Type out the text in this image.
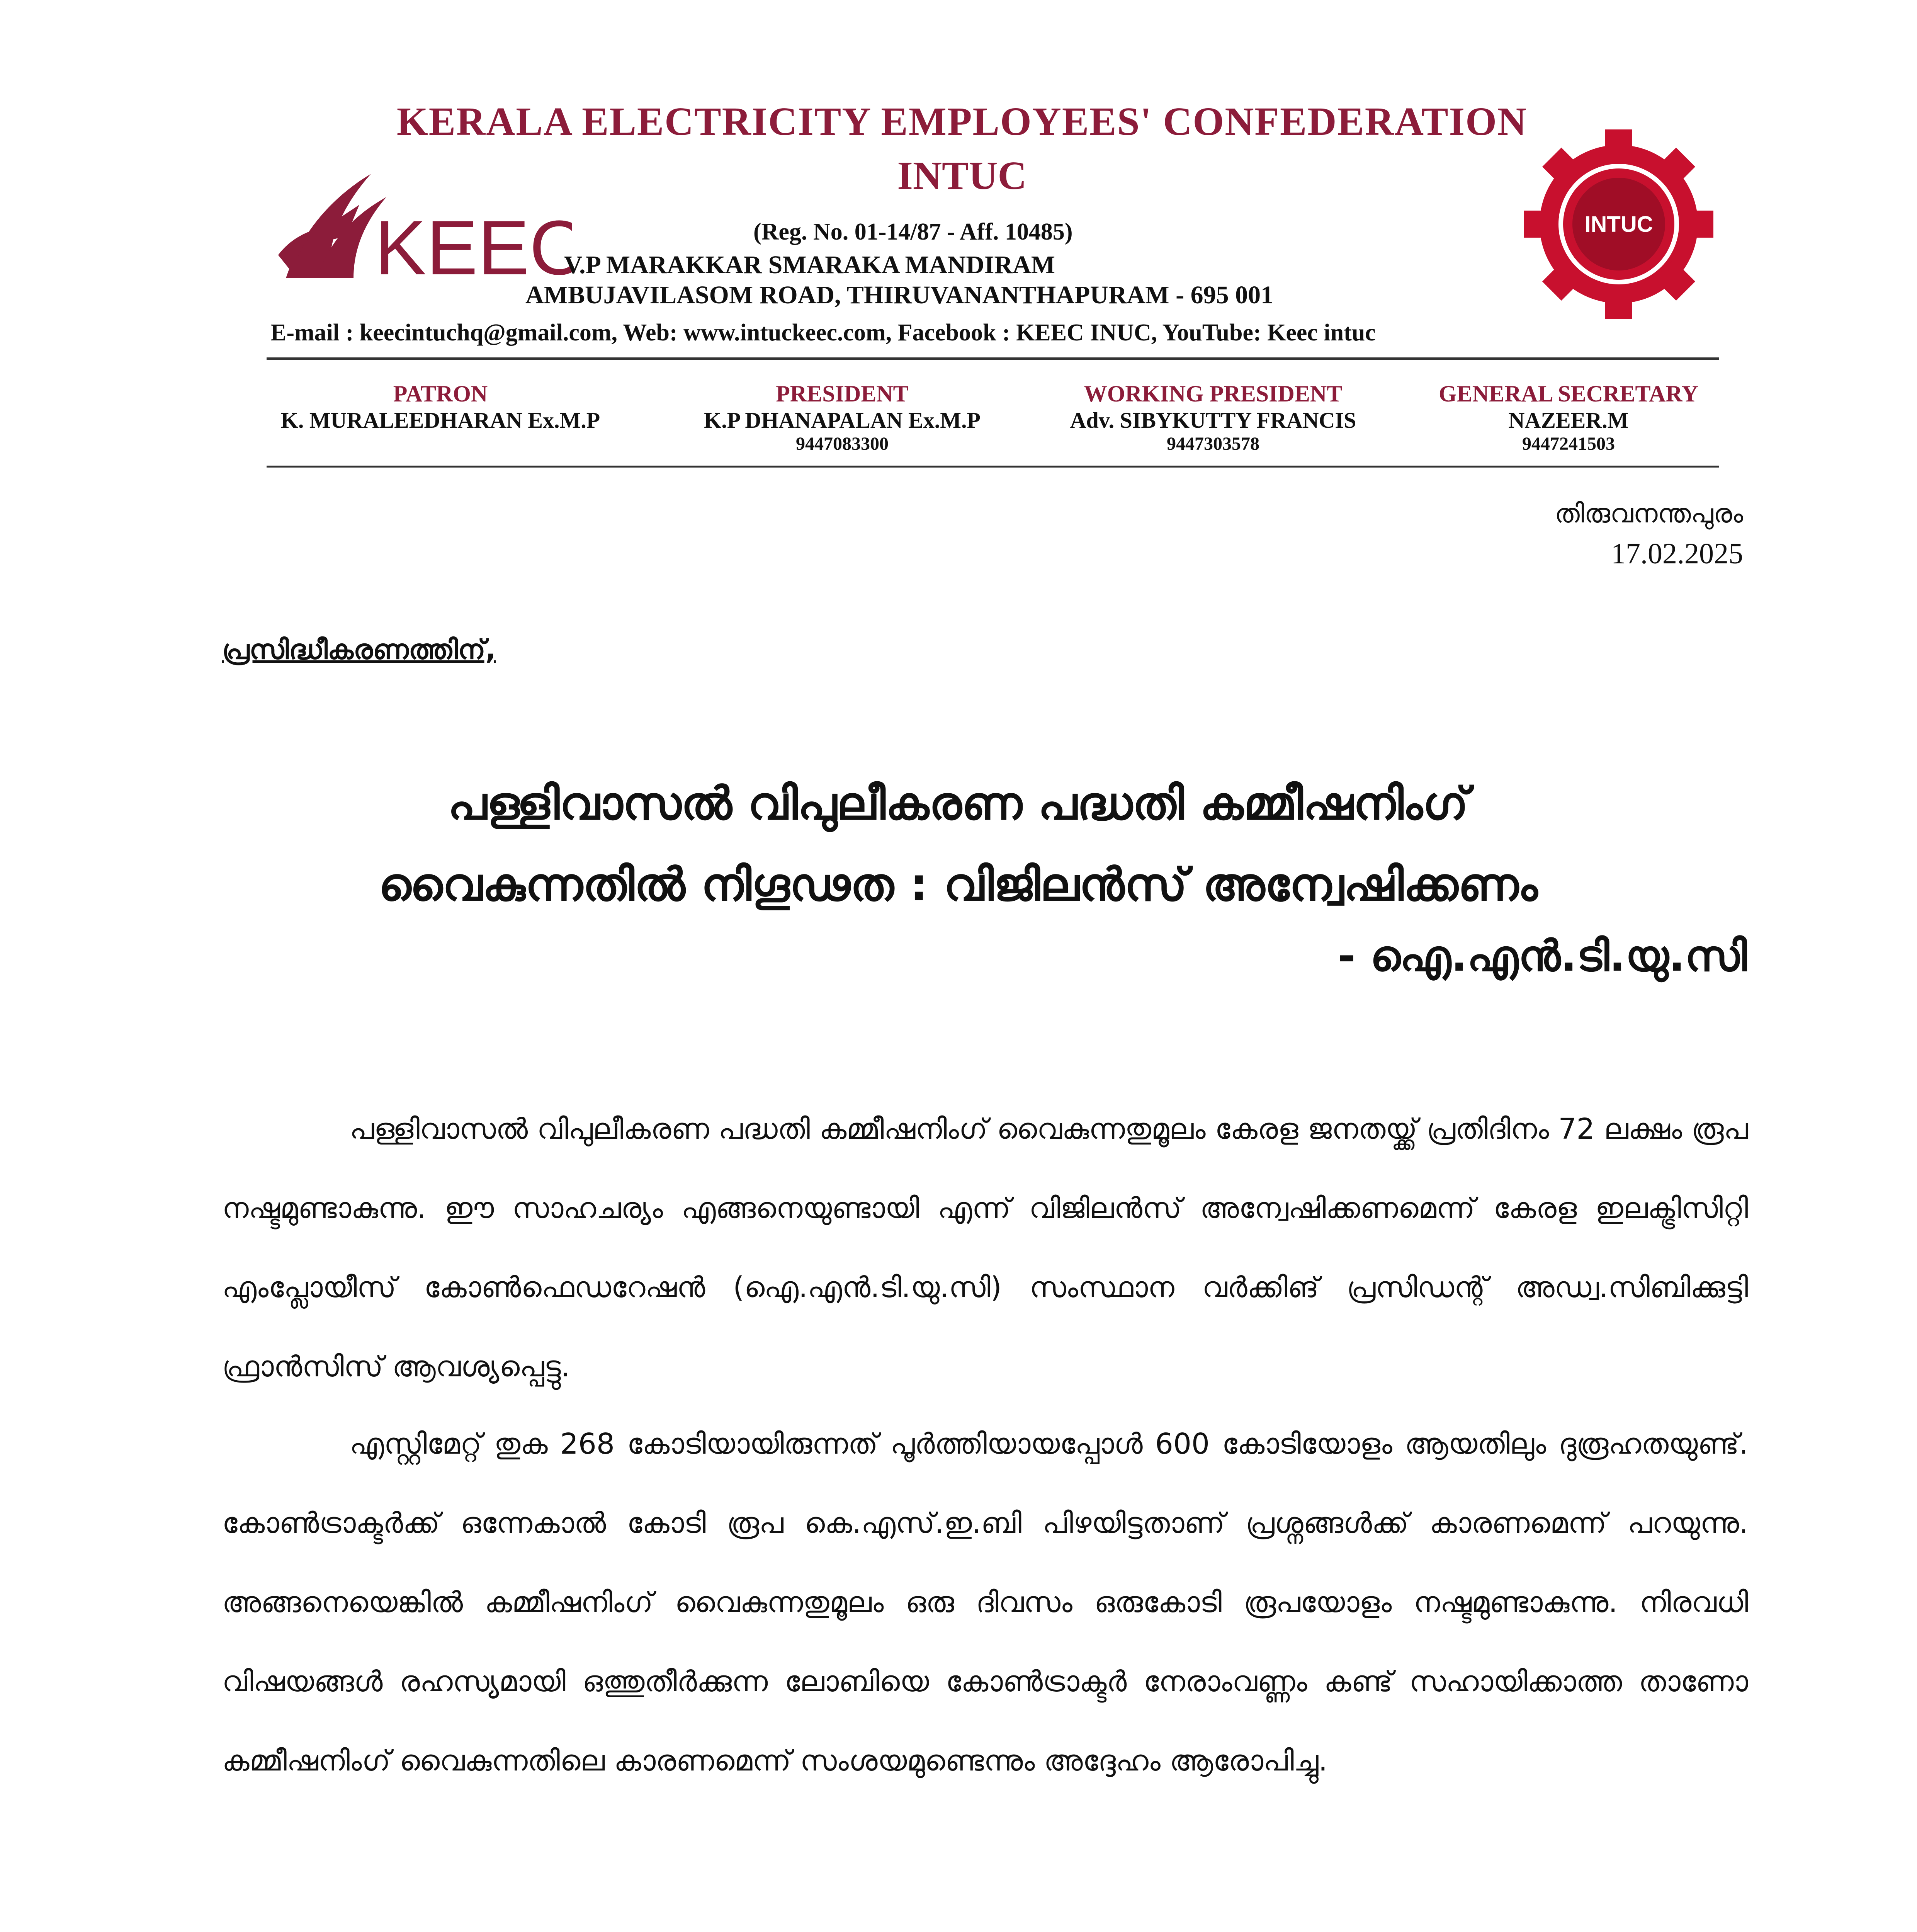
KERALA ELECTRICITY EMPLOYEES' CONFEDERATION
INTUC
KEEC	INTUC
(Reg. No. 01-14/87 - Aff. 10485)
V.P MARAKKAR SMARAKA MANDIRAM
AMBUJAVILASOM ROAD, THIRUVANANTHAPURAM - 695 001
E-mail : keecintuchq@gmail.com, Web: www.intuckeec.com, Facebook : KEEC INUC, YouTube: Keec intuc
PATRON
K. MURALEEDHARAN Ex.M.P
PRESIDENT
K.P DHANAPALAN Ex.M.P
9447083300
WORKING PRESIDENT
Adv. SIBYKUTTY FRANCIS
9447303578
GENERAL SECRETARY
NAZEER.M
9447241503
തിരുവനന്തപുരം
17.02.2025
പ്രസിദ്ധീകരണത്തിന്,
പള്ളിവാസൽ വിപുലീകരണ പദ്ധതി കമ്മീഷനിംഗ്
വൈകുന്നതിൽ നിഗൂഢത : വിജിലൻസ് അന്വേഷിക്കണം
- ഐ.എൻ.ടി.യു.സി
പള്ളിവാസൽ വിപുലീകരണ പദ്ധതി കമ്മീഷനിംഗ് വൈകുന്നതുമൂലം കേരള ജനതയ്ക്ക് പ്രതിദിനം 72 ലക്ഷം രൂപ നഷ്ടമുണ്ടാകുന്നു. ഈ സാഹചര്യം എങ്ങനെയുണ്ടായി എന്ന് വിജിലൻസ് അന്വേഷിക്കണമെന്ന് കേരള ഇലക്ട്രിസിറ്റി എംപ്ലോയീസ് കോൺഫെഡറേഷൻ (ഐ.എൻ.ടി.യു.സി) സംസ്ഥാന വർക്കിങ് പ്രസിഡന്റ് അഡ്വ.സിബിക്കുട്ടി ഫ്രാൻസിസ് ആവശ്യപ്പെട്ടു.
എസ്റ്റിമേറ്റ് തുക 268 കോടിയായിരുന്നത് പൂർത്തിയായപ്പോൾ 600 കോടിയോളം ആയതിലും ദുരൂഹതയുണ്ട്. കോൺട്രാക്ടർക്ക് ഒന്നേകാൽ കോടി രൂപ കെ.എസ്.ഇ.ബി പിഴയിട്ടതാണ് പ്രശ്നങ്ങൾക്ക് കാരണമെന്ന് പറയുന്നു. അങ്ങനെയെങ്കിൽ കമ്മീഷനിംഗ് വൈകുന്നതുമൂലം ഒരു ദിവസം ഒരുകോടി രൂപയോളം നഷ്ടമുണ്ടാകുന്നു. നിരവധി വിഷയങ്ങൾ രഹസ്യമായി ഒത്തുതീർക്കുന്ന ലോബിയെ കോൺട്രാക്ടർ നേരാംവണ്ണം കണ്ട് സഹായിക്കാത്ത താണോ കമ്മീഷനിംഗ് വൈകുന്നതിലെ കാരണമെന്ന് സംശയമുണ്ടെന്നും അദ്ദേഹം ആരോപിച്ചു.
